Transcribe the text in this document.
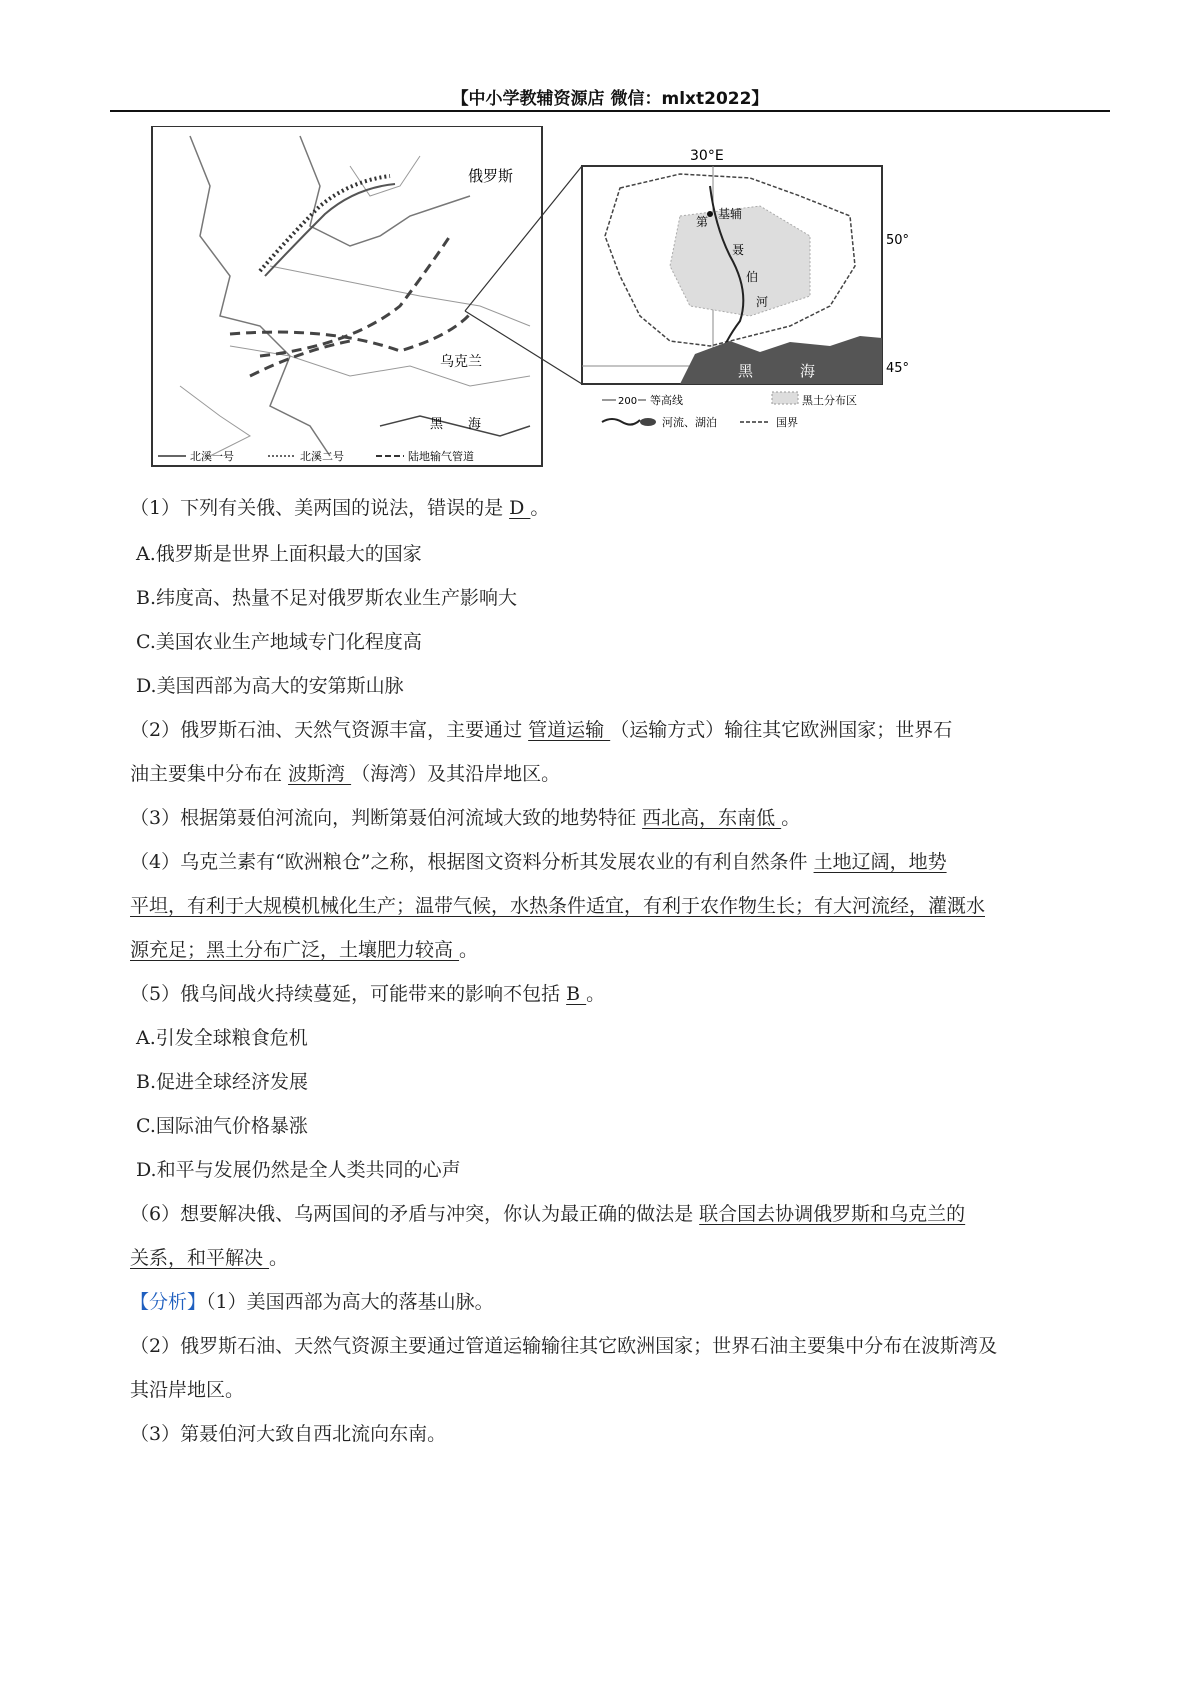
【中小学教辅资源店 微信：mlxt2022】
俄罗斯
乌克兰
黑 海
北溪一号	北溪二号	陆地输气管道
30°E
50°
45°
基辅
第
聂
伯
河
黑	海
200 等高线	黑土分布区
河流、湖泊	国界
（1）下列有关俄、美两国的说法，错误的是 D 。
A.俄罗斯是世界上面积最大的国家
B.纬度高、热量不足对俄罗斯农业生产影响大
C.美国农业生产地域专门化程度高
D.美国西部为高大的安第斯山脉
（2）俄罗斯石油、天然气资源丰富，主要通过 管道运输 （运输方式）输往其它欧洲国家；世界石
油主要集中分布在 波斯湾 （海湾）及其沿岸地区。
（3）根据第聂伯河流向，判断第聂伯河流域大致的地势特征 西北高，东南低 。
（4）乌克兰素有“欧洲粮仓”之称，根据图文资料分析其发展农业的有利自然条件 土地辽阔，地势
平坦，有利于大规模机械化生产；温带气候，水热条件适宜，有利于农作物生长；有大河流经，灌溉水
源充足；黑土分布广泛，土壤肥力较高 。
（5）俄乌间战火持续蔓延，可能带来的影响不包括 B 。
A.引发全球粮食危机
B.促进全球经济发展
C.国际油气价格暴涨
D.和平与发展仍然是全人类共同的心声
（6）想要解决俄、乌两国间的矛盾与冲突，你认为最正确的做法是 联合国去协调俄罗斯和乌克兰的
关系，和平解决 。
【分析】（1）美国西部为高大的落基山脉。
（2）俄罗斯石油、天然气资源主要通过管道运输输往其它欧洲国家；世界石油主要集中分布在波斯湾及
其沿岸地区。
（3）第聂伯河大致自西北流向东南。
